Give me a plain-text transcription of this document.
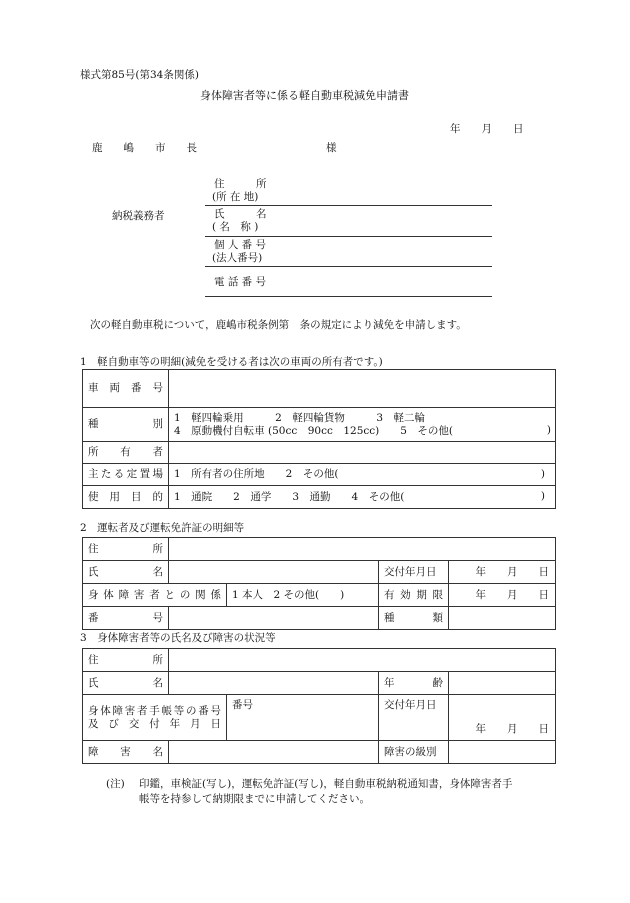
様式第85号(第34条関係)
身体障害者等に係る軽自動車税減免申請書
年　　月　　日
鹿　　嶋　　市　　長	様
納税義務者
住　　　所
(所 在 地)
氏　　　名
( 名　称 )
個 人 番 号
(法人番号)
電 話 番 号
次の軽自動車税について，鹿嶋市税条例第　条の規定により減免を申請します。
1　軽自動車等の明細(減免を受ける者は次の車両の所有者です。)
車　両　番　号	
種　　　　別	1　軽四輪乗用　　　2　軽四輪貨物　　　3　軽二輪
4　原動機付自転車 (50cc　90cc　125cc)　　5　その他( )

所　有　者	
主たる定置場	1　所有者の住所地　　2　その他( )

使　用　目　的	1　通院　　2　通学　　3　通勤　　4　その他( )
2　運転者及び運転免許証の明細等
住　　　所				
氏　　　名			交付年月日	年　　月　　日
身体障害者との関係		1 本人　2 その他(　　)	有 効 期 限	年　　月　　日
番　　　号			種　　　類	
3　身体障害者等の氏名及び障害の状況等
住　　　所				
氏　　　名			年　　　齢	

身体障害者手帳等の番号
及び交付年月日		番号	交付年月日	年　　月　　日
障　害　名			障害の級別	
(注) 印鑑，車検証(写し)，運転免許証(写し)，軽自動車税納税通知書，身体障害者手
帳等を持参して納期限までに申請してください。
